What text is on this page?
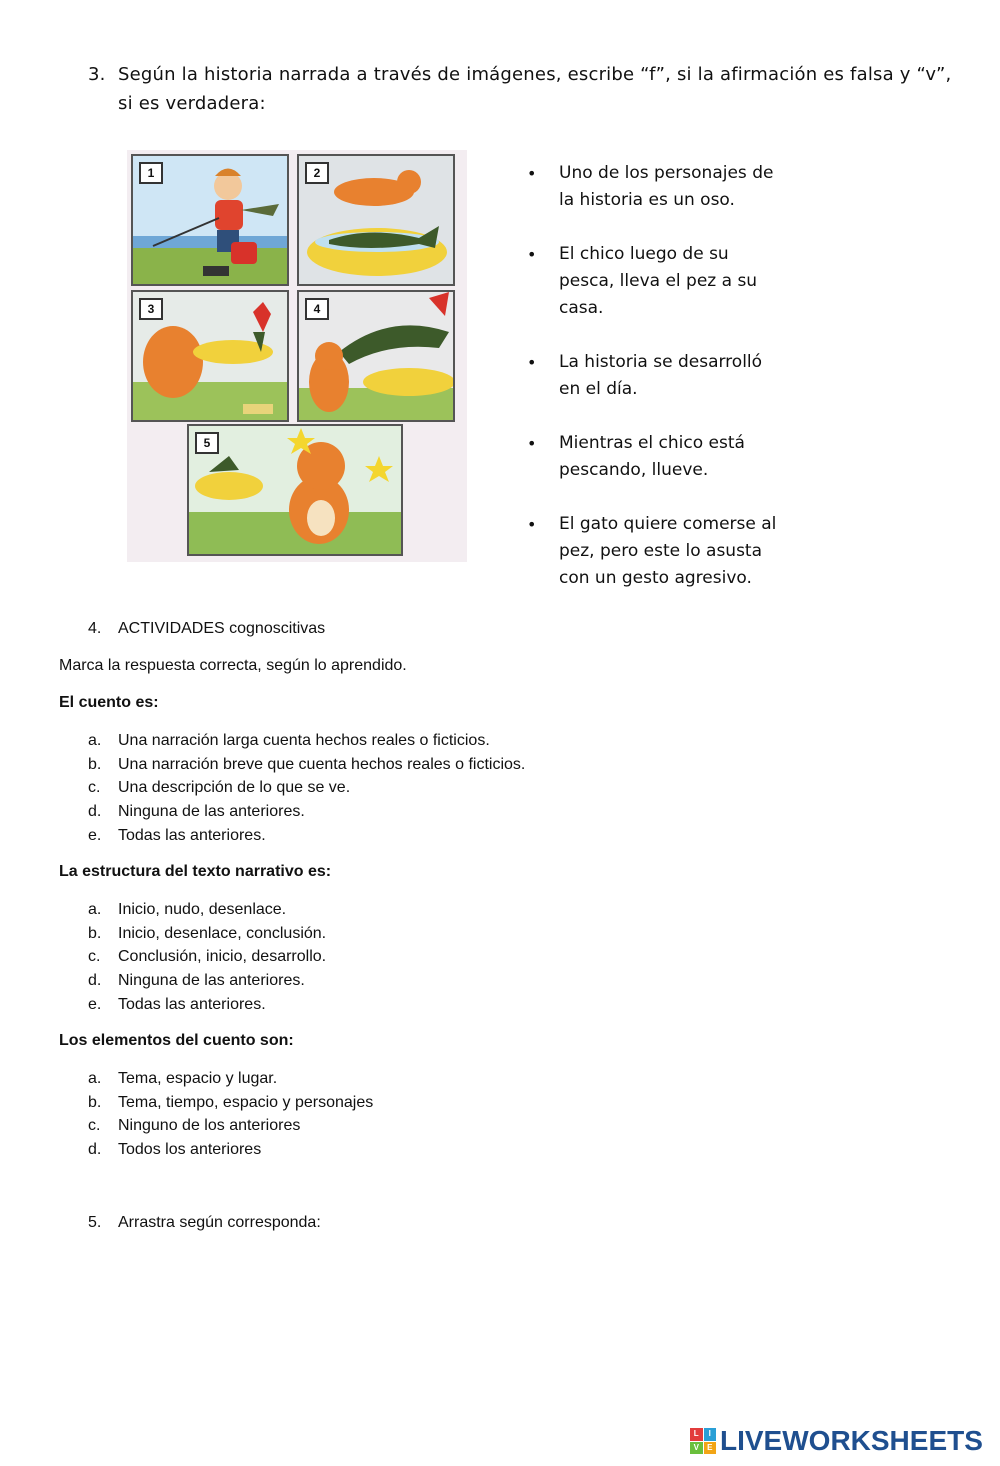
3. Según la historia narrada a través de imágenes, escribe “f”, si la afirmación es falsa y “v”,
si es verdadera:
1	2
3	4
5
• Uno de los personajes de la historia es un oso.
• El chico luego de su pesca, lleva el pez a su casa.
• La historia se desarrolló en el día.
• Mientras el chico está pescando, llueve.
• El gato quiere comerse al pez, pero este lo asusta con un gesto agresivo.
4. ACTIVIDADES cognoscitivas
Marca la respuesta correcta, según lo aprendido.
El cuento es:
a. Una narración larga cuenta hechos reales o ficticios.
b. Una narración breve que cuenta hechos reales o ficticios.
c. Una descripción de lo que se ve.
d. Ninguna de las anteriores.
e. Todas las anteriores.
La estructura del texto narrativo es:
a. Inicio, nudo, desenlace.
b. Inicio, desenlace, conclusión.
c. Conclusión, inicio, desarrollo.
d. Ninguna de las anteriores.
e. Todas las anteriores.
Los elementos del cuento son:
a. Tema, espacio y lugar.
b. Tema, tiempo, espacio y personajes
c. Ninguno de los anteriores
d. Todos los anteriores
5. Arrastra según corresponda:
L	I
V	E LIVEWORKSHEETS
